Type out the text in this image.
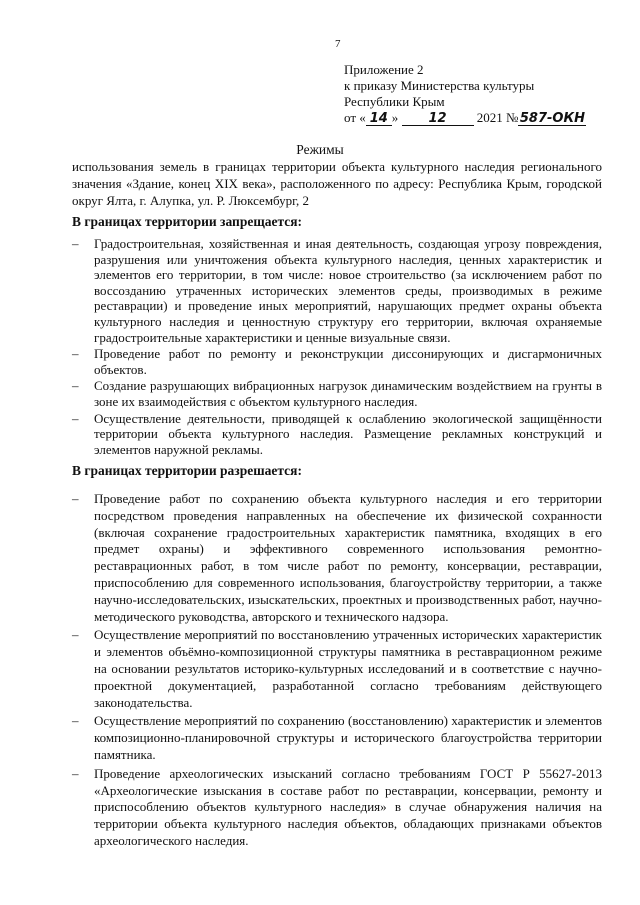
7
Приложение 2
к приказу Министерства культуры
Республики Крым
от « 14 » 12 2021 №587-ОКН
Режимы
использования земель в границах территории объекта культурного наследия регионального значения «Здание, конец XIX века», расположенного по адресу: Республика Крым, городской округ Ялта, г. Алупка, ул. Р. Люксембург, 2
В границах территории запрещается:
– Градостроительная, хозяйственная и иная деятельность, создающая угрозу повреждения, разрушения или уничтожения объекта культурного наследия, ценных характеристик и элементов его территории, в том числе: новое строительство (за исключением работ по воссозданию утраченных исторических элементов среды, производимых в режиме реставрации) и проведение иных мероприятий, нарушающих предмет охраны объекта культурного наследия и ценностную структуру его территории, включая охраняемые градостроительные характеристики и ценные визуальные связи.
– Проведение работ по ремонту и реконструкции диссонирующих и дисгармоничных объектов.
– Создание разрушающих вибрационных нагрузок динамическим воздействием на грунты в зоне их взаимодействия с объектом культурного наследия.
– Осуществление деятельности, приводящей к ослаблению экологической защищённости территории объекта культурного наследия. Размещение рекламных конструкций и элементов наружной рекламы.
В границах территории разрешается:
– Проведение работ по сохранению объекта культурного наследия и его территории посредством проведения направленных на обеспечение их физической сохранности (включая сохранение градостроительных характеристик памятника, входящих в его предмет охраны) и эффективного современного использования ремонтно-реставрационных работ, в том числе работ по ремонту, консервации, реставрации, приспособлению для современного использования, благоустройству территории, а также научно-исследовательских, изыскательских, проектных и производственных работ, научно-методического руководства, авторского и технического надзора.
– Осуществление мероприятий по восстановлению утраченных исторических характеристик и элементов объёмно-композиционной структуры памятника в реставрационном режиме на основании результатов историко-культурных исследований и в соответствие с научно-проектной документацией, разработанной согласно требованиям действующего законодательства.
– Осуществление мероприятий по сохранению (восстановлению) характеристик и элементов композиционно-планировочной структуры и исторического благоустройства территории памятника.
– Проведение археологических изысканий согласно требованиям ГОСТ Р 55627-2013 «Археологические изыскания в составе работ по реставрации, консервации, ремонту и приспособлению объектов культурного наследия» в случае обнаружения наличия на территории объекта культурного наследия объектов, обладающих признаками объектов археологического наследия.
